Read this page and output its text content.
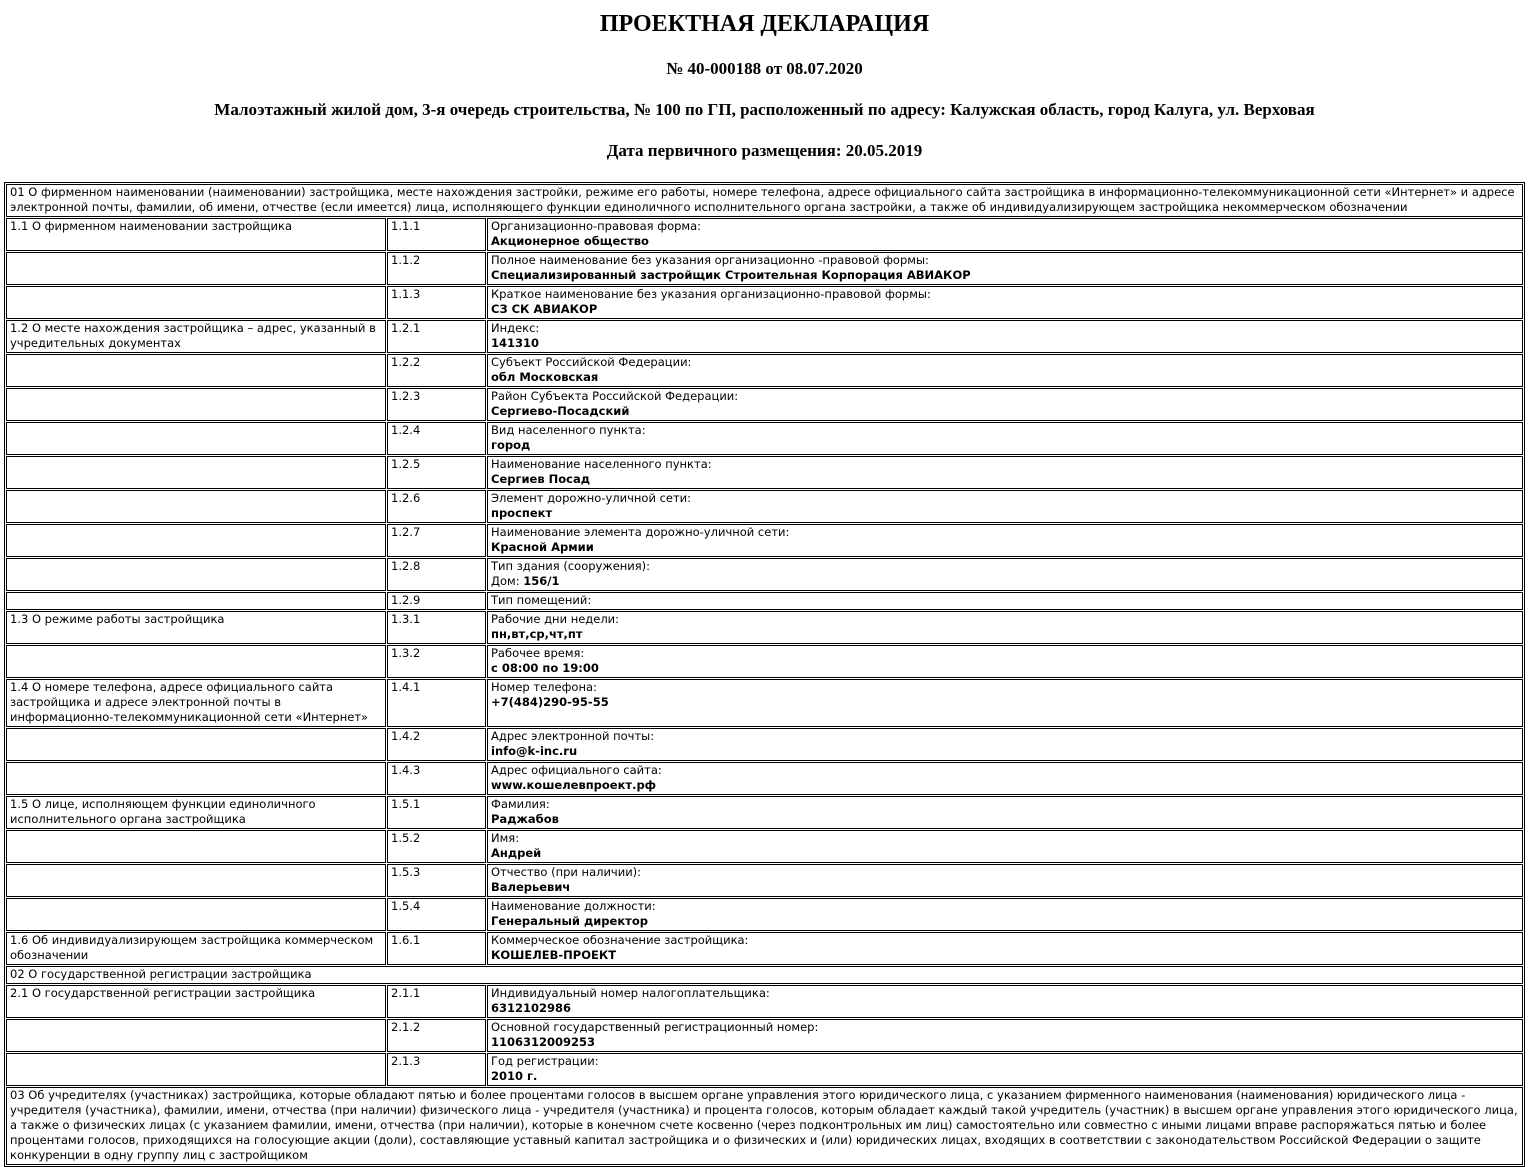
ПРОЕКТНАЯ ДЕКЛАРАЦИЯ
№ 40-000188 от 08.07.2020
Малоэтажный жилой дом, 3-я очередь строительства, № 100 по ГП, расположенный по адресу: Калужская область, город Калуга, ул. Верховая
Дата первичного размещения: 20.05.2019
01 О фирменном наименовании (наименовании) застройщика, месте нахождения застройки, режиме его работы, номере телефона, адресе официального сайта застройщика в информационно-телекоммуникационной сети «Интернет» и адресе электронной почты, фамилии, об имени, отчестве (если имеется) лица, исполняющего функции единоличного исполнительного органа застройки, а также об индивидуализирующем застройщика некоммерческом обозначении		
1.1 О фирменном наименовании застройщика	1.1.1	Организационно-правовая форма:
Акционерное общество

	1.1.2	Полное наименование без указания организационно -правовой формы:
Специализированный застройщик Строительная Корпорация АВИАКОР

	1.1.3	Краткое наименование без указания организационно-правовой формы:
СЗ СК АВИАКОР

1.2 О месте нахождения застройщика – адрес, указанный в учредительных документах	1.2.1	Индекс:
141310

	1.2.2	Субъект Российской Федерации:
обл Московская

	1.2.3	Район Субъекта Российской Федерации:
Сергиево-Посадский

	1.2.4	Вид населенного пункта:
город

	1.2.5	Наименование населенного пункта:
Сергиев Посад

	1.2.6	Элемент дорожно-уличной сети:
проспект

	1.2.7	Наименование элемента дорожно-уличной сети:
Красной Армии

	1.2.8	Тип здания (сооружения):
Дом: 156/1

	1.2.9	Тип помещений:

1.3 О режиме работы застройщика	1.3.1	Рабочие дни недели:
пн,вт,ср,чт,пт

	1.3.2	Рабочее время:
с 08:00 по 19:00

1.4 О номере телефона, адресе официального сайта застройщика и адресе электронной почты в информационно-телекоммуникационной сети «Интернет»	1.4.1	Номер телефона:
+7(484)290-95-55

	1.4.2	Адрес электронной почты:
info@k-inc.ru

	1.4.3	Адрес официального сайта:
www.кошелевпроект.рф

1.5 О лице, исполняющем функции единоличного исполнительного органа застройщика	1.5.1	Фамилия:
Раджабов

	1.5.2	Имя:
Андрей

	1.5.3	Отчество (при наличии):
Валерьевич

	1.5.4	Наименование должности:
Генеральный директор

1.6 Об индивидуализирующем застройщика коммерческом обозначении	1.6.1	Коммерческое обозначение застройщика:
КОШЕЛЕВ-ПРОЕКТ

02 О государственной регистрации застройщика		
2.1 О государственной регистрации застройщика	2.1.1	Индивидуальный номер налогоплательщика:
6312102986

	2.1.2	Основной государственный регистрационный номер:
1106312009253

	2.1.3	Год регистрации:
2010 г.

03 Об учредителях (участниках) застройщика, которые обладают пятью и более процентами голосов в высшем органе управления этого юридического лица, с указанием фирменного наименования (наименования) юридического лица - учредителя (участника), фамилии, имени, отчества (при наличии) физического лица - учредителя (участника) и процента голосов, которым обладает каждый такой учредитель (участник) в высшем органе управления этого юридического лица, а также о физических лицах (с указанием фамилии, имени, отчества (при наличии), которые в конечном счете косвенно (через подконтрольных им лиц) самостоятельно или совместно с иными лицами вправе распоряжаться пятью и более процентами голосов, приходящихся на голосующие акции (доли), составляющие уставный капитал застройщика и о физических и (или) юридических лицах, входящих в соответствии с законодательством Российской Федерации о защите конкуренции в одну группу лиц с застройщиком		
